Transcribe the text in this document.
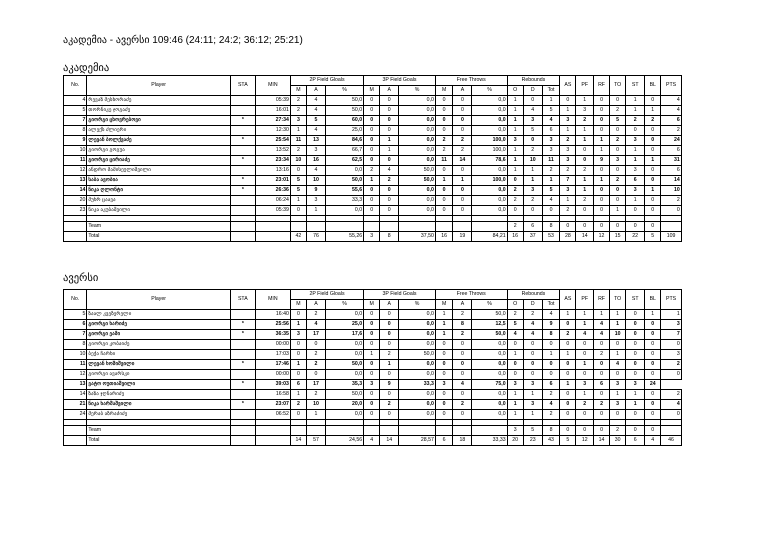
აკადემია - ავერსი 109:46 (24:11; 24:2; 36:12; 25:21)
აკადემია
No.	Player	STA	MIN	2P Field Gloals			3P Field Goals			Free Throws			Rebounds			AS	PF	RF	TO	ST	BL	PTS
				M	A	%	M	A	%	M	A	%	O	D	Tot							
4	რევაზ მესხორაძე		05:39	2	4	50,0	0	0	0,0	0	0	0,0	1	0	1	0	1	0	0	1	0	4
5	თორნიკე ჯოგაძე		16:01	2	4	50,0	0	0	0,0	0	0	0,0	1	4	5	1	3	0	2	1	1	4
7	გიორგი ცხოვრებოვი	*	27:34	3	5	60,0	0	0	0,0	0	0	0,0	1	3	4	3	2	0	5	2	2	6
8	ალექს ძლიერი		12:30	1	4	25,0	0	0	0,0	0	0	0,0	1	5	6	1	1	0	0	0	0	2
9	ლევან ბოლქვაძე	*	25:54	11	13	84,6	0	1	0,0	2	2	100,0	3	0	3	2	1	1	2	3	0	24
10	გიორგი გოგუა		13:52	2	3	66,7	0	1	0,0	2	2	100,0	1	2	3	3	0	1	0	1	0	6
11	გიორგი ცირიაძე	*	23:34	10	16	62,5	0	0	0,0	11	14	78,6	1	10	11	3	0	9	3	1	1	31
12	ანდრო მამისეულიშვილი		13:16	0	4	0,0	2	4	50,0	0	0	0,0	1	1	2	2	2	0	0	3	0	6
13	საბა ავობია	*	23:01	5	10	50,0	1	2	50,0	1	1	100,0	0	1	1	7	1	1	2	6	0	14
14	ნიკა ღლონტი	*	26:36	5	9	55,6	0	0	0,0	0	0	0,0	2	3	5	3	1	0	0	3	1	10
20	მუხრ ცაავა		06:24	1	3	33,3	0	0	0,0	0	0	0,0	2	2	4	1	2	0	0	1	0	2
23	ნიკა აკუბაშვილი		05:39	0	1	0,0	0	0	0,0	0	0	0,0	0	0	0	2	0	0	1	0	0	0

	Team												2	6	8	0	0	0	0	0	0	
	Total			42	76	55,26	3	8	37,50	16	19	84,21	16	37	53	28	14	12	15	22	5	109
ავერსი
No.	Player	STA	MIN	2P Field Gloals			3P Field Goals			Free Throws			Rebounds			AS	PF	RF	TO	ST	BL	PTS
				M	A	%	M	A	%	M	A	%	O	D	Tot							
5	ზაალ კვეზერელი		16:40	0	2	0,0	0	0	0,0	1	2	50,0	2	2	4	1	1	1	1	0	1	1
6	გიორგი ხარიძე	*	25:56	1	4	25,0	0	0	0,0	1	8	12,5	5	4	9	0	1	4	1	0	0	3
7	გიორგი ეამი	*	36:35	3	17	17,6	0	0	0,0	1	2	50,0	4	4	8	2	4	4	10	0	0	7
8	გიორგი კობაიძე		00:00	0	0	0,0	0	0	0,0	0	0	0,0	0	0	0	0	0	0	0	0	0	0
10	ბექა ჩარხი		17:03	0	2	0,0	1	2	50,0	0	0	0,0	1	0	1	1	0	2	1	0	0	3
11	ლევან ხოშიშვილი	*	17:46	1	2	50,0	0	1	0,0	0	0	0,0	0	0	0	0	1	0	4	0	0	2
12	გიორგი ავარსკი		00:00	0	0	0,0	0	0	0,0	0	0	0,0	0	0	0	0	0	0	0	0	0	0
13	ვატო ოუთიაშვილი	*	39:03	6	17	35,3	3	9	33,3	3	4	75,0	3	3	6	1	3	6	3	3	24	
14	ზაზა ჯღნარიძე		16:58	1	2	50,0	0	0	0,0	0	0	0,0	1	1	2	0	1	0	1	1	0	2
21	ნიკა ხარშაშვილი	*	23:07	2	10	20,0	0	2	0,0	0	2	0,0	1	3	4	0	2	2	3	1	0	4
24	მერაბ აზრაძიძე		06:52	0	1	0,0	0	0	0,0	0	0	0,0	1	1	2	0	0	0	0	0	0	0

	Team												3	5	8	0	0	0	2	0	0	
	Total			14	57	24,56	4	14	28,57	6	18	33,33	20	23	43	5	12	14	30	6	4	46
